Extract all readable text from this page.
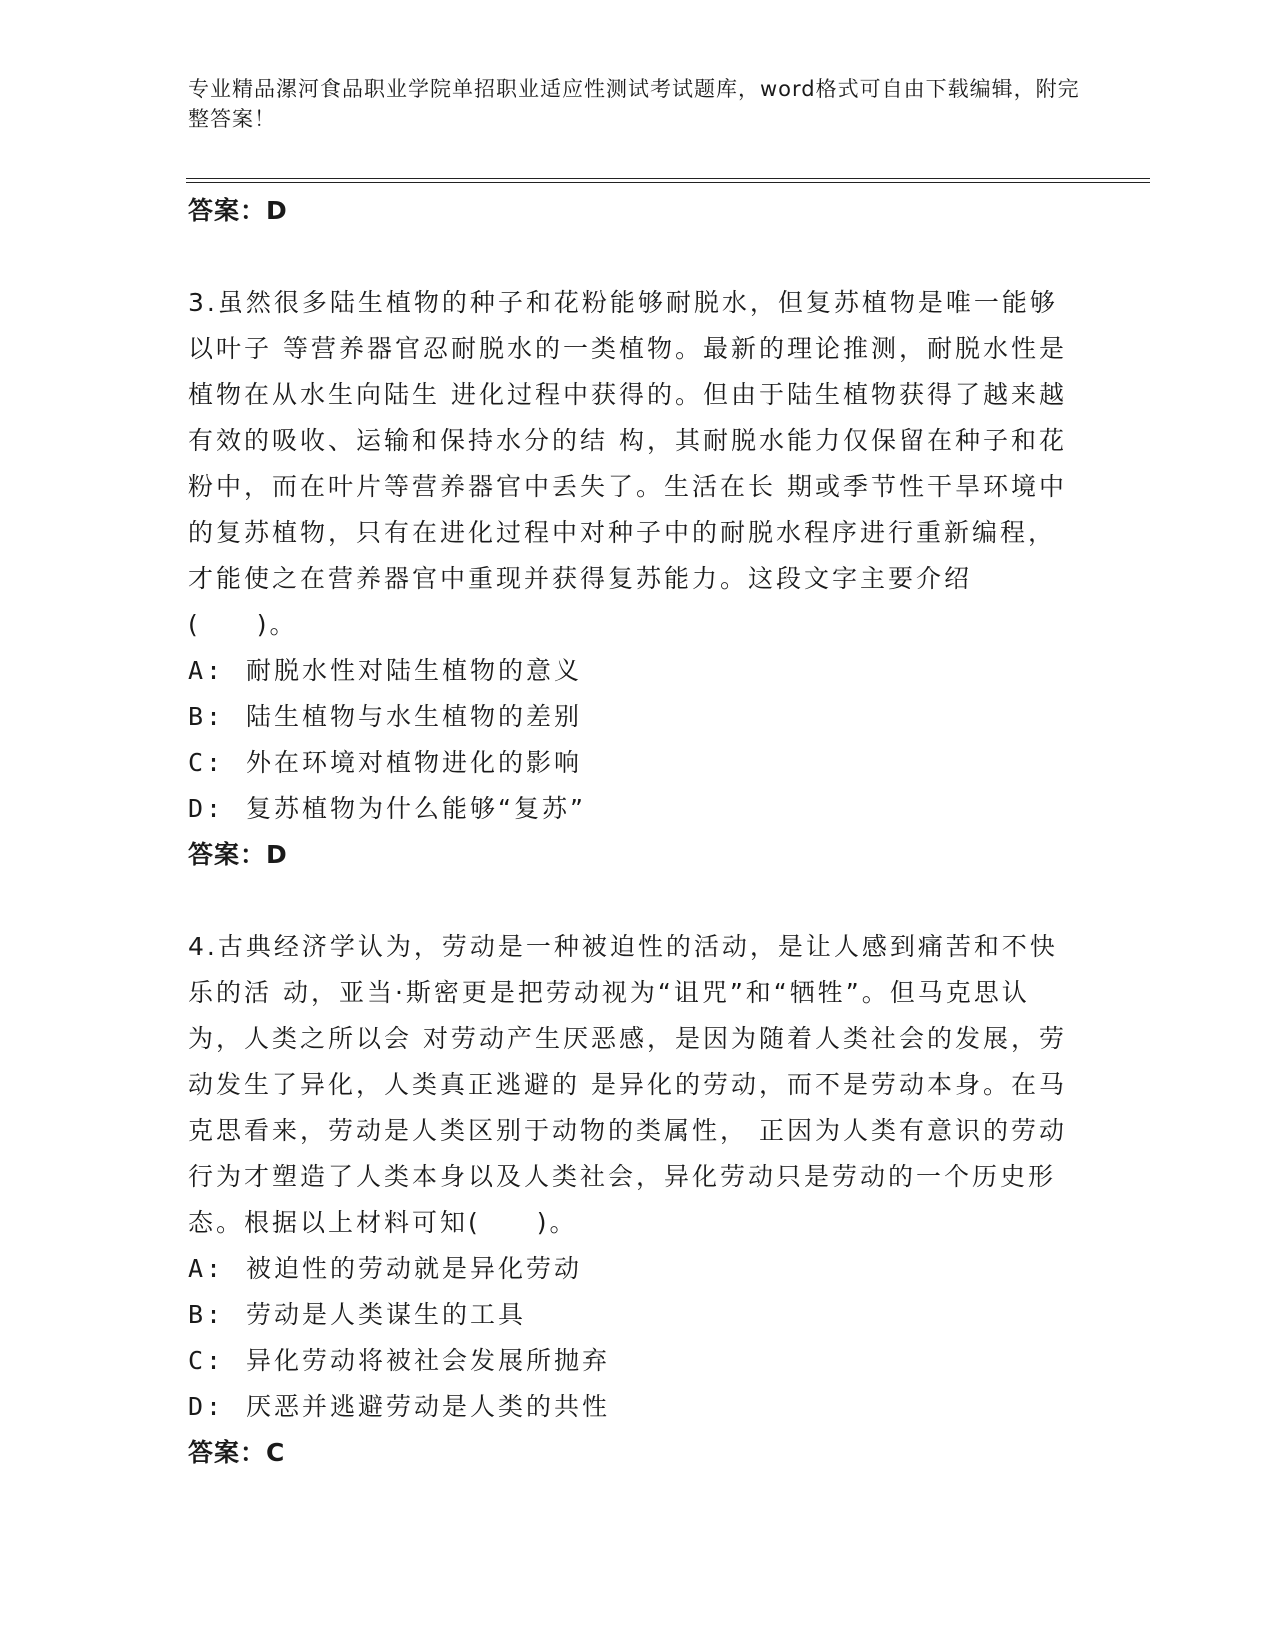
专业精品漯河食品职业学院单招职业适应性测试考试题库，word格式可自由下载编辑，附完整答案！
答案：D
3.虽然很多陆生植物的种子和花粉能够耐脱水，但复苏植物是唯一能够以叶子 等营养器官忍耐脱水的一类植物。最新的理论推测，耐脱水性是植物在从水生向陆生 进化过程中获得的。但由于陆生植物获得了越来越有效的吸收、运输和保持水分的结 构，其耐脱水能力仅保留在种子和花粉中，而在叶片等营养器官中丢失了。生活在长 期或季节性干旱环境中的复苏植物，只有在进化过程中对种子中的耐脱水程序进行重新编程，才能使之在营养器官中重现并获得复苏能力。这段文字主要介绍(　　)。
A: 耐脱水性对陆生植物的意义
B: 陆生植物与水生植物的差别
C: 外在环境对植物进化的影响
D: 复苏植物为什么能够“复苏”
答案：D
4.古典经济学认为，劳动是一种被迫性的活动，是让人感到痛苦和不快乐的活 动，亚当·斯密更是把劳动视为“诅咒”和“牺牲”。但马克思认为，人类之所以会 对劳动产生厌恶感，是因为随着人类社会的发展，劳动发生了异化，人类真正逃避的 是异化的劳动，而不是劳动本身。在马克思看来，劳动是人类区别于动物的类属性， 正因为人类有意识的劳动行为才塑造了人类本身以及人类社会，异化劳动只是劳动的一个历史形态。根据以上材料可知(　　)。
A: 被迫性的劳动就是异化劳动
B: 劳动是人类谋生的工具
C: 异化劳动将被社会发展所抛弃
D: 厌恶并逃避劳动是人类的共性
答案：C
